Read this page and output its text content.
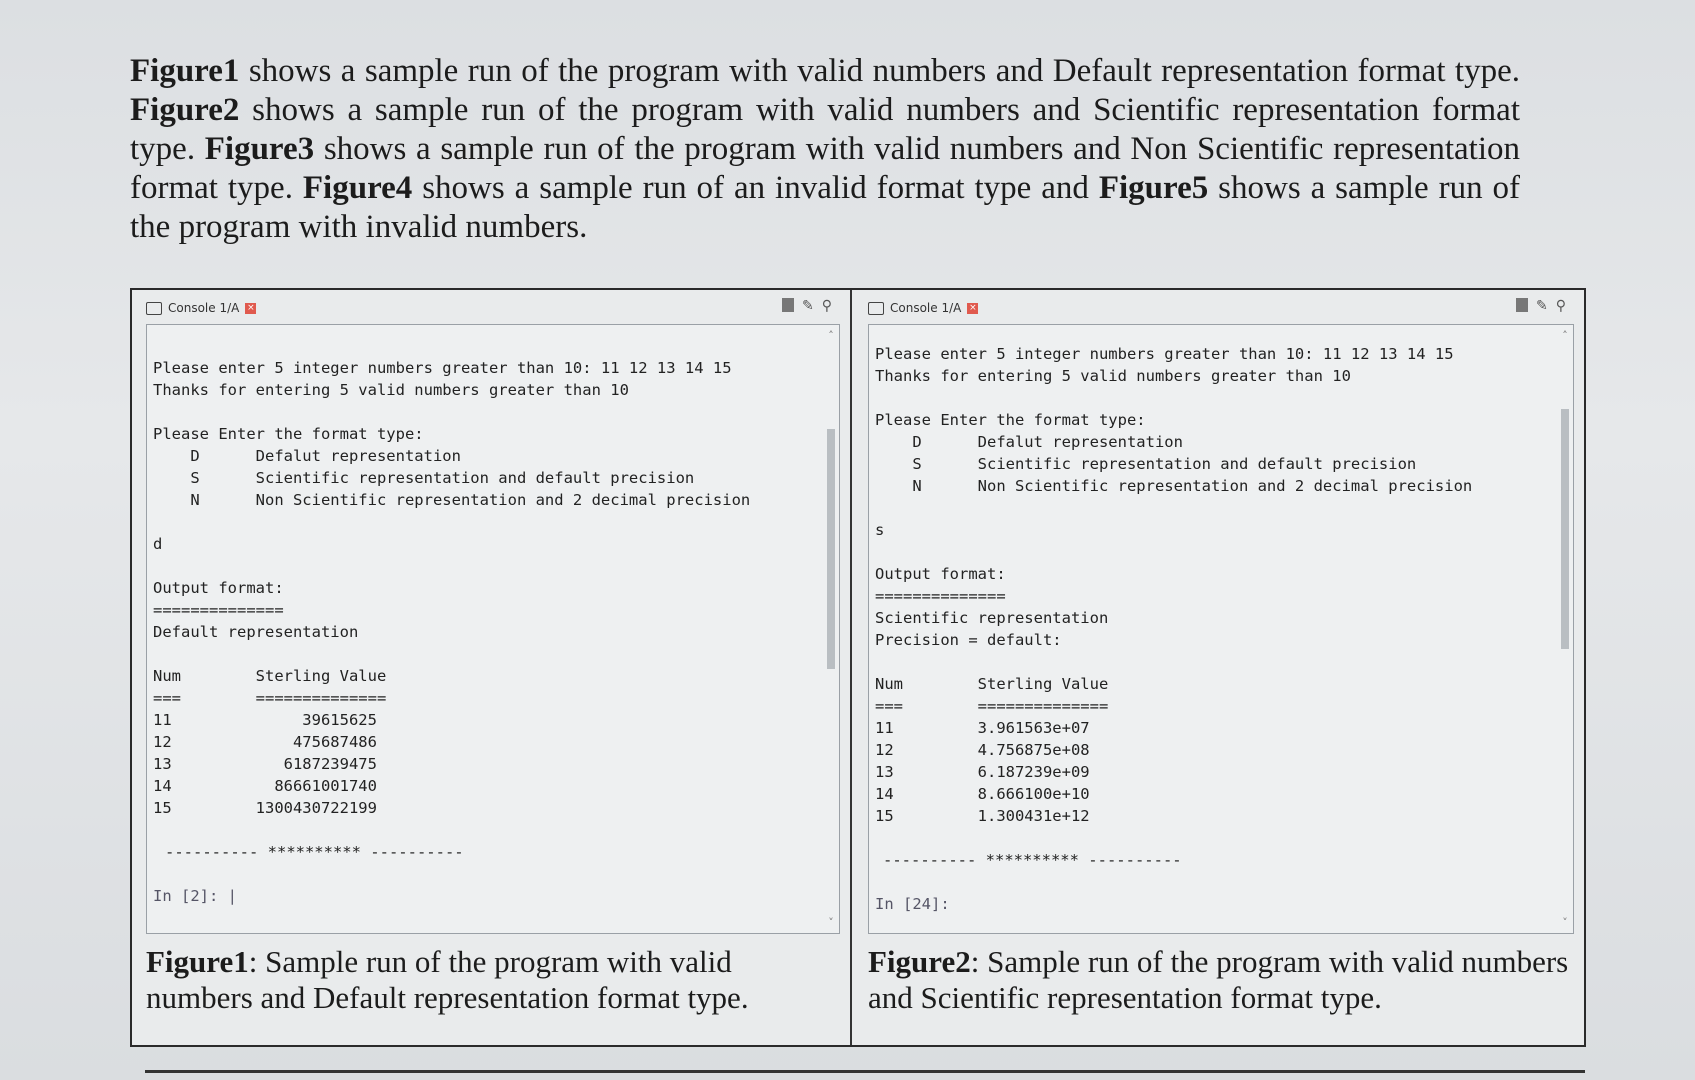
Figure1 shows a sample run of the program with valid numbers and Default representation format type. Figure2 shows a sample run of the program with valid numbers and Scientific representation format type. Figure3 shows a sample run of the program with valid numbers and Non Scientific representation format type. Figure4 shows a sample run of an invalid format type and Figure5 shows a sample run of the program with invalid numbers.
Console 1/A ×	✎ ⚲
Please enter 5 integer numbers greater than 10: 11 12 13 14 15
Thanks for entering 5 valid numbers greater than 10
Please Enter the format type:
D      Defalut representation
S      Scientific representation and default precision
N      Non Scientific representation and 2 decimal precision
d
Output format:
==============
Default representation
Num        Sterling Value
===        ==============
11              39615625
12             475687486
13            6187239475
14           86661001740
15         1300430722199
---------- ********** ----------
In [2]: |
˄
˅
Figure1: Sample run of the program with valid numbers and Default representation format type.
Console 1/A ×	✎ ⚲
Please enter 5 integer numbers greater than 10: 11 12 13 14 15
Thanks for entering 5 valid numbers greater than 10
Please Enter the format type:
D      Defalut representation
S      Scientific representation and default precision
N      Non Scientific representation and 2 decimal precision
s
Output format:
==============
Scientific representation
Precision = default:
Num        Sterling Value
===        ==============
11         3.961563e+07
12         4.756875e+08
13         6.187239e+09
14         8.666100e+10
15         1.300431e+12
---------- ********** ----------
In [24]:
˄
˅
Figure2: Sample run of the program with valid numbers and Scientific representation format type.
